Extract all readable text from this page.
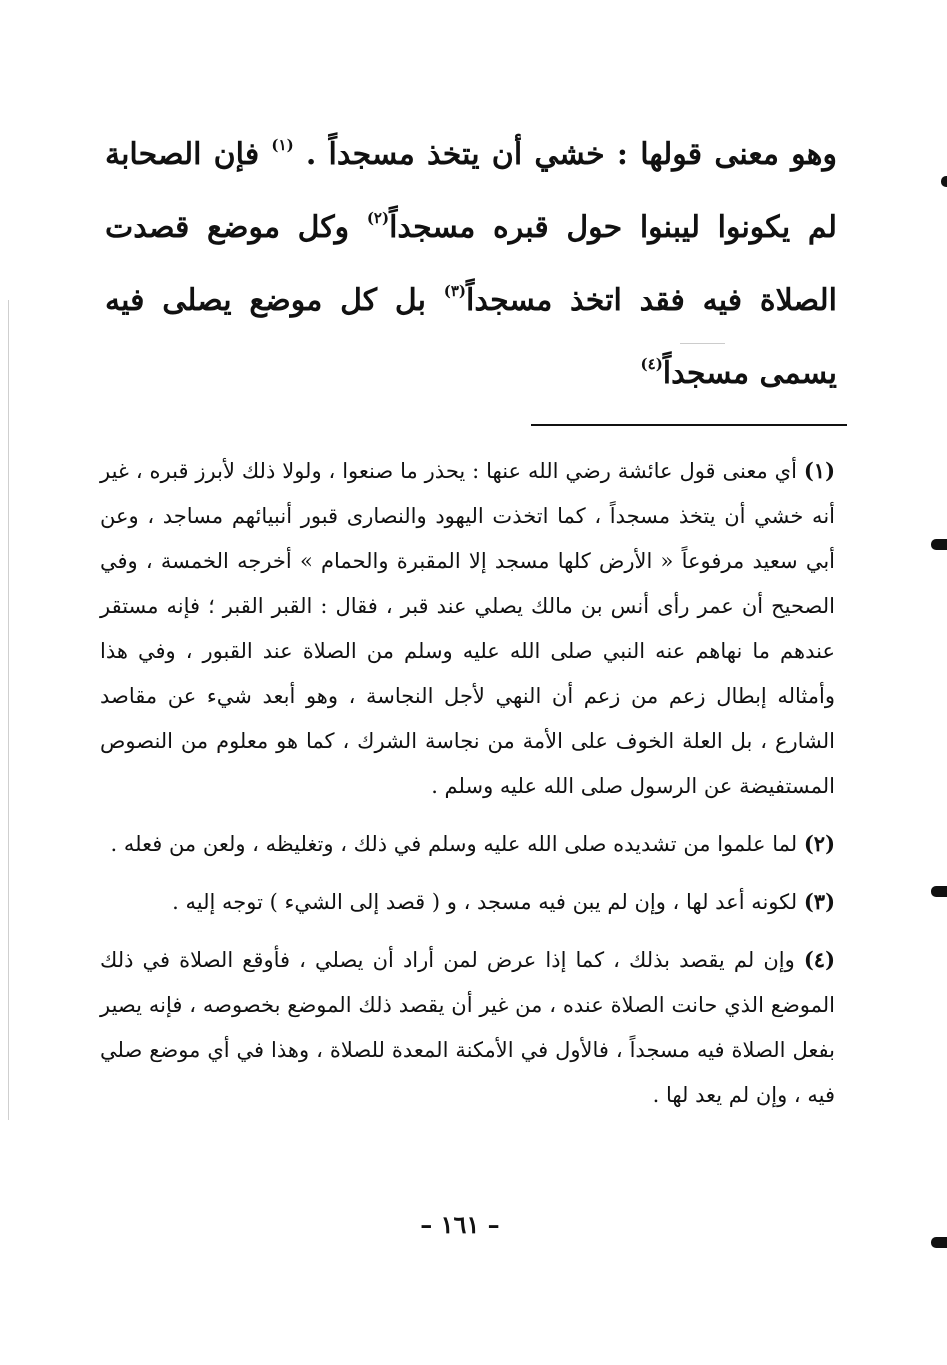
وهو معنى قولها : خشي أن يتخذ مسجداً . $^{(١)}$ فإن الصحابة لم يكونوا ليبنوا حول قبره مسجداً$^{(٢)}$ وكل موضع قصدت الصلاة فيه فقد اتخذ مسجداً$^{(٣)}$ بل كل موضع يصلى فيه يسمى مسجداً$^{(٤)}$

(١) أي معنى قول عائشة رضي الله عنها : يحذر ما صنعوا ، ولولا ذلك لأبرز قبره ، غير أنه خشي أن يتخذ مسجداً ، كما اتخذت اليهود والنصارى قبور أنبيائهم مساجد ، وعن أبي سعيد مرفوعاً « الأرض كلها مسجد إلا المقبرة والحمام » أخرجه الخمسة ، وفي الصحيح أن عمر رأى أنس بن مالك يصلي عند قبر ، فقال : القبر القبر ؛ فإنه مستقر عندهم ما نهاهم عنه النبي صلى الله عليه وسلم من الصلاة عند القبور ، وفي هذا وأمثاله إبطال زعم من زعم أن النهي لأجل النجاسة ، وهو أبعد شيء عن مقاصد الشارع ، بل العلة الخوف على الأمة من نجاسة الشرك ، كما هو معلوم من النصوص المستفيضة عن الرسول صلى الله عليه وسلم .

(٢) لما علموا من تشديده صلى الله عليه وسلم في ذلك ، وتغليظه ، ولعن من فعله .

(٣) لكونه أعد لها ، وإن لم يبن فيه مسجد ، و ( قصد إلى الشيء ) توجه إليه .

(٤) وإن لم يقصد بذلك ، كما إذا عرض لمن أراد أن يصلي ، فأوقع الصلاة في ذلك الموضع الذي حانت الصلاة عنده ، من غير أن يقصد ذلك الموضع بخصوصه ، فإنه يصير بفعل الصلاة فيه مسجداً ، فالأول في الأمكنة المعدة للصلاة ، وهذا في أي موضع صلي فيه ، وإن لم يعد لها .

– ١٦١ –
